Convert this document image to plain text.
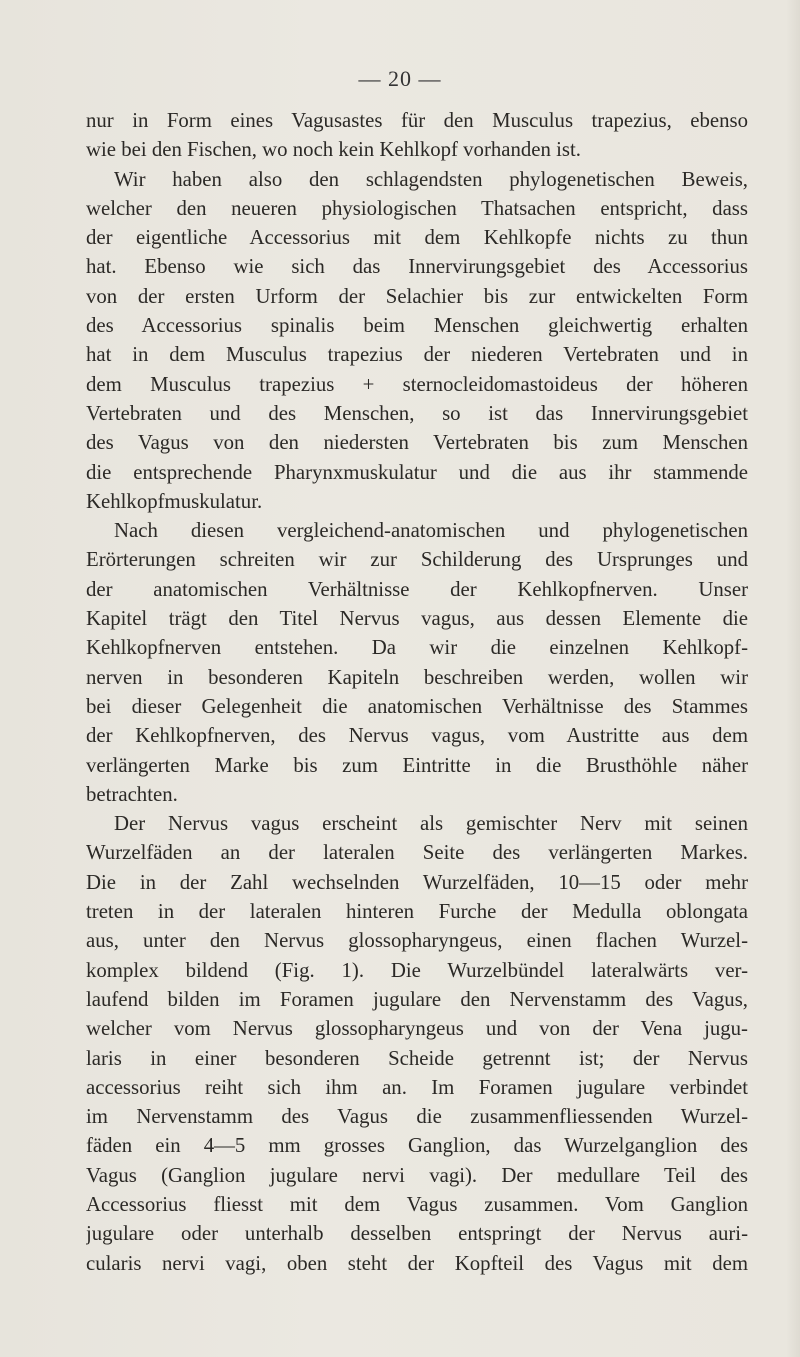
— 20 —
nur in Form eines Vagusastes für den Musculus trapezius, ebenso
wie bei den Fischen, wo noch kein Kehlkopf vorhanden ist.
Wir haben also den schlagendsten phylogenetischen Beweis,
welcher den neueren physiologischen Thatsachen entspricht, dass
der eigentliche Accessorius mit dem Kehlkopfe nichts zu thun
hat. Ebenso wie sich das Innervirungsgebiet des Accessorius
von der ersten Urform der Selachier bis zur entwickelten Form
des Accessorius spinalis beim Menschen gleichwertig erhalten
hat in dem Musculus trapezius der niederen Vertebraten und in
dem Musculus trapezius + sternocleidomastoideus der höheren
Vertebraten und des Menschen, so ist das Innervirungsgebiet
des Vagus von den niedersten Vertebraten bis zum Menschen
die entsprechende Pharynxmuskulatur und die aus ihr stammende
Kehlkopfmuskulatur.
Nach diesen vergleichend-anatomischen und phylogenetischen
Erörterungen schreiten wir zur Schilderung des Ursprunges und
der anatomischen Verhältnisse der Kehlkopfnerven. Unser
Kapitel trägt den Titel Nervus vagus, aus dessen Elemente die
Kehlkopfnerven entstehen. Da wir die einzelnen Kehlkopf-
nerven in besonderen Kapiteln beschreiben werden, wollen wir
bei dieser Gelegenheit die anatomischen Verhältnisse des Stammes
der Kehlkopfnerven, des Nervus vagus, vom Austritte aus dem
verlängerten Marke bis zum Eintritte in die Brusthöhle näher
betrachten.
Der Nervus vagus erscheint als gemischter Nerv mit seinen
Wurzelfäden an der lateralen Seite des verlängerten Markes.
Die in der Zahl wechselnden Wurzelfäden, 10—15 oder mehr
treten in der lateralen hinteren Furche der Medulla oblongata
aus, unter den Nervus glossopharyngeus, einen flachen Wurzel-
komplex bildend (Fig. 1). Die Wurzelbündel lateralwärts ver-
laufend bilden im Foramen jugulare den Nervenstamm des Vagus,
welcher vom Nervus glossopharyngeus und von der Vena jugu-
laris in einer besonderen Scheide getrennt ist; der Nervus
accessorius reiht sich ihm an. Im Foramen jugulare verbindet
im Nervenstamm des Vagus die zusammenfliessenden Wurzel-
fäden ein 4—5 mm grosses Ganglion, das Wurzelganglion des
Vagus (Ganglion jugulare nervi vagi). Der medullare Teil des
Accessorius fliesst mit dem Vagus zusammen. Vom Ganglion
jugulare oder unterhalb desselben entspringt der Nervus auri-
cularis nervi vagi, oben steht der Kopfteil des Vagus mit dem
